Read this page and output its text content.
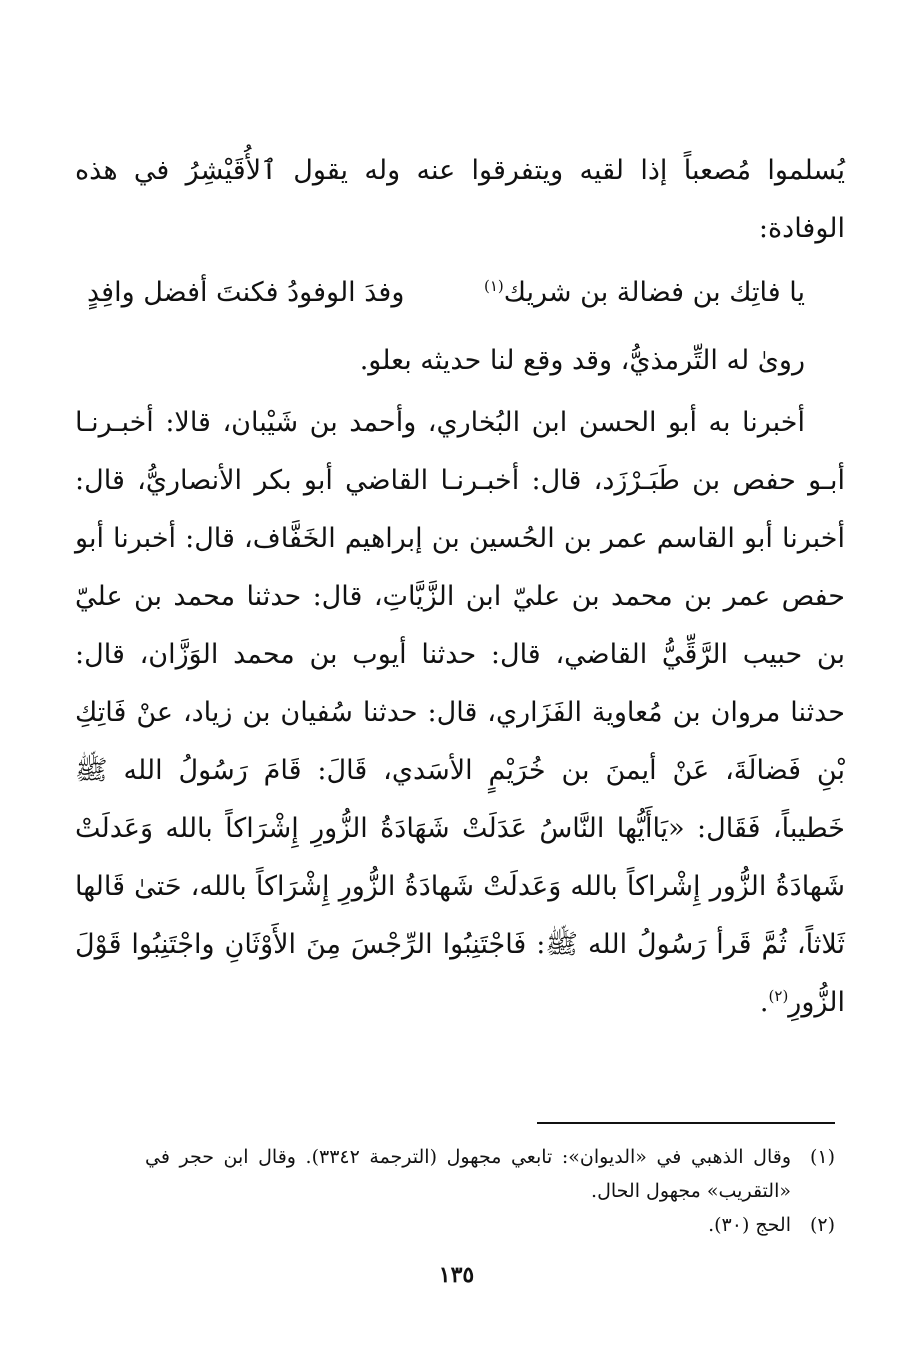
يُسلموا مُصعباً إذا لقيه ويتفرقوا عنه وله يقول ٱلأُقَيْشِرُ في هذه الوفادة:

يا فاتِك بن فضالة بن شريك$^{(١)}$
وفدَ الوفودُ فكنتَ أفضل وافِدٍ

روىٰ له التِّرمذيُّ، وقد وقع لنا حديثه بعلو.

أخبرنا به أبو الحسن ابن البُخاري، وأحمد بن شَيْبان، قالا: أخبـرنـا أبـو حفص بن طَبَـرْزَد، قال: أخبـرنـا القاضي أبو بكر الأنصاريُّ، قال: أخبرنا أبو القاسم عمر بن الحُسين بن إبراهيم الخَفَّاف، قال: أخبرنا أبو حفص عمر بن محمد بن عليّ ابن الزَّيَّاتِ، قال: حدثنا محمد بن عليّ بن حبيب الرَّقِّيُّ القاضي، قال: حدثنا أيوب بن محمد الوَزَّان، قال: حدثنا مروان بن مُعاوية الفَزَاري، قال: حدثنا سُفيان بن زياد، عنْ فَاتِكِ بْنِ فَضالَةَ، عَنْ أيمنَ بن خُرَيْمٍ الأسَدي، قَالَ: قَامَ رَسُولُ الله ﷺ خَطيباً، فَقَال: «يَاأَيُّها النَّاسُ عَدَلَتْ شَهَادَةُ الزُّورِ إِشْرَاكاً بالله وَعَدلَتْ شَهادَةُ الزُّور إِشْراكاً بالله وَعَدلَتْ شَهادَةُ الزُّورِ إِشْرَاكاً بالله، حَتىٰ قَالها ثَلاثاً، ثُمَّ قَرأ رَسُولُ الله ﷺ: فَاجْتَنِبُوا الرِّجْسَ مِنَ الأَوْثَانِ واجْتَنِبُوا قَوْلَ الزُّورِ$^{(٢)}$.

(١)
وقال الذهبي في «الديوان»: تابعي مجهول (الترجمة ٣٣٤٢). وقال ابن حجر في «التقريب» مجهول الحال.

(٢)
الحج (٣٠).

١٣٥
